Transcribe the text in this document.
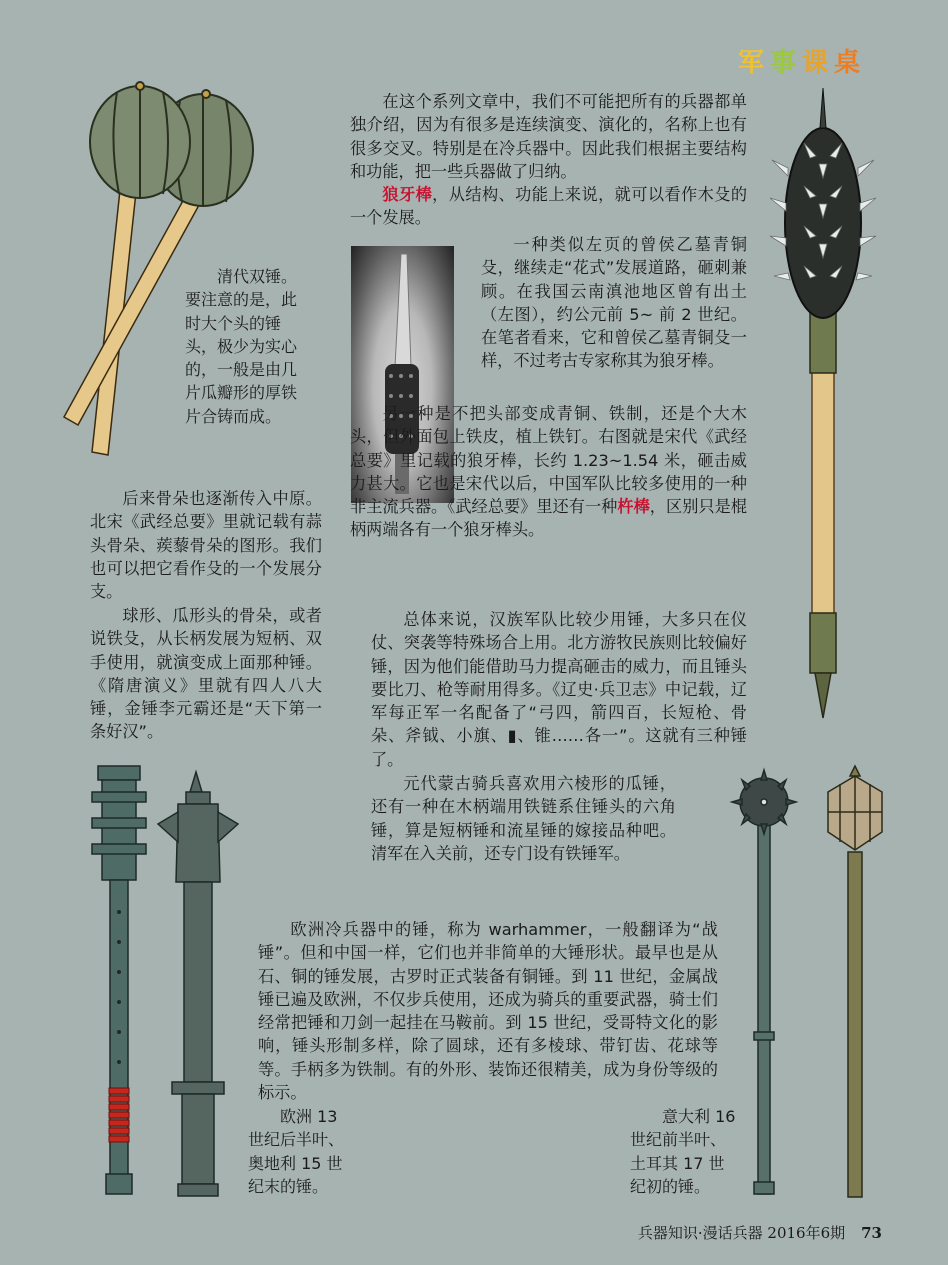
军事课桌

在这个系列文章中，我们不可能把所有的兵器都单独介绍，因为有很多是连续演变、演化的，名称上也有很多交叉。特别是在冷兵器中。因此我们根据主要结构和功能，把一些兵器做了归纳。

狼牙棒，从结构、功能上来说，就可以看作木殳的一个发展。

一种类似左页的曾侯乙墓青铜殳，继续走“花式”发展道路，砸刺兼顾。在我国云南滇池地区曾有出土（左图），约公元前 5~ 前 2 世纪。在笔者看来，它和曾侯乙墓青铜殳一样，不过考古专家称其为狼牙棒。

另一种是不把头部变成青铜、铁制，还是个大木头，但外面包上铁皮，植上铁钉。右图就是宋代《武经总要》里记载的狼牙棒，长约 1.23~1.54 米，砸击威力甚大。它也是宋代以后，中国军队比较多使用的一种非主流兵器。《武经总要》里还有一种杵棒，区别只是棍柄两端各有一个狼牙棒头。

总体来说，汉族军队比较少用锤，大多只在仪仗、突袭等特殊场合上用。北方游牧民族则比较偏好锤，因为他们能借助马力提高砸击的威力，而且锤头要比刀、枪等耐用得多。《辽史·兵卫志》中记载，辽军每正军一名配备了“弓四，箭四百，长短枪、骨朵、斧钺、小旗、▮、锥……各一”。这就有三种锤了。

元代蒙古骑兵喜欢用六棱形的瓜锤，还有一种在木柄端用铁链系住锤头的六角锤，算是短柄锤和流星锤的嫁接品种吧。清军在入关前，还专门设有铁锤军。

清代双锤。要注意的是，此时大个头的锤头，极少为实心的，一般是由几片瓜瓣形的厚铁片合铸而成。

后来骨朵也逐渐传入中原。北宋《武经总要》里就记载有蒜头骨朵、蒺藜骨朵的图形。我们也可以把它看作殳的一个发展分支。

球形、瓜形头的骨朵，或者说铁殳，从长柄发展为短柄、双手使用，就演变成上面那种锤。《隋唐演义》里就有四人八大锤，金锤李元霸还是“天下第一条好汉”。

欧洲冷兵器中的锤，称为 warhammer，一般翻译为“战锤”。但和中国一样，它们也并非简单的大锤形状。最早也是从石、铜的锤发展，古罗时正式装备有铜锤。到 11 世纪，金属战锤已遍及欧洲，不仅步兵使用，还成为骑兵的重要武器，骑士们经常把锤和刀剑一起挂在马鞍前。到 15 世纪，受哥特文化的影响，锤头形制多样，除了圆球，还有多棱球、带钉齿、花球等等。手柄多为铁制。有的外形、装饰还很精美，成为身份等级的标示。

欧洲 13 世纪后半叶、奥地利 15 世纪末的锤。

意大利 16 世纪前半叶、土耳其 17 世纪初的锤。

兵器知识·漫话兵器 2016年6期 73
